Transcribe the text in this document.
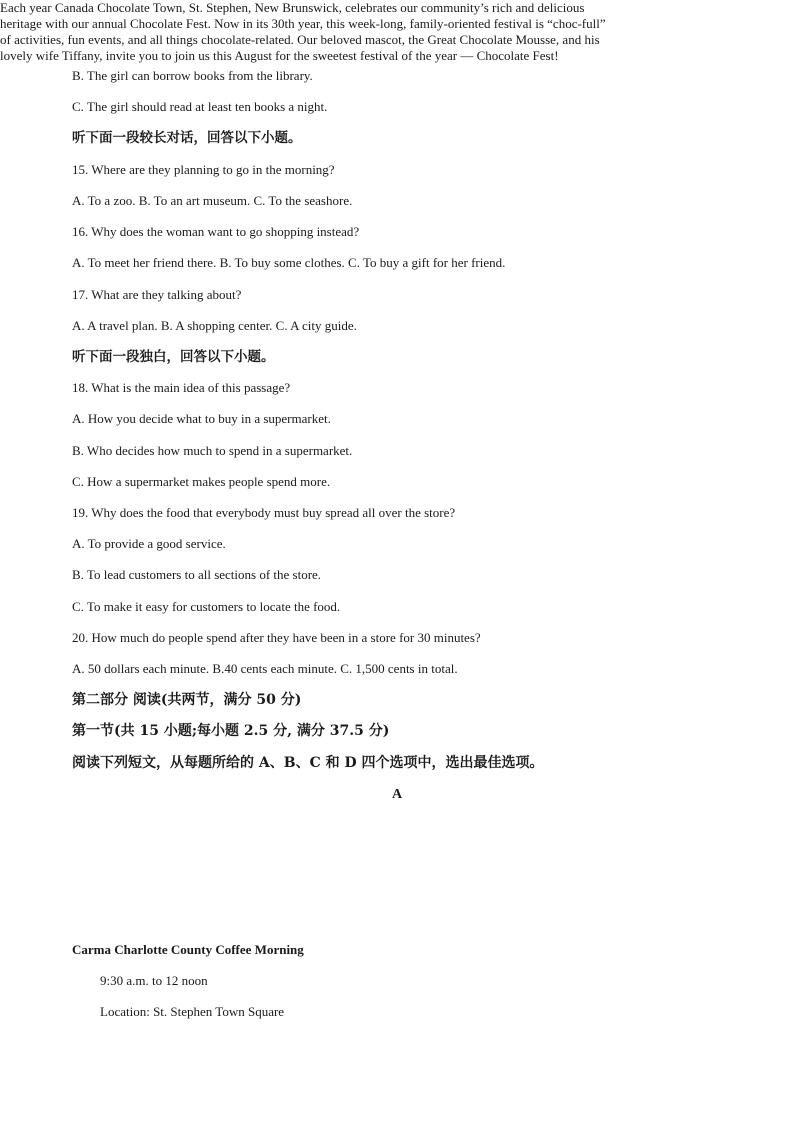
B. The girl can borrow books from the library.
C. The girl should read at least ten books a night.
听下面一段较长对话，回答以下小题。
15. Where are they planning to go in the morning?
A. To a zoo. B. To an art museum. C. To the seashore.
16. Why does the woman want to go shopping instead?
A. To meet her friend there. B. To buy some clothes. C. To buy a gift for her friend.
17. What are they talking about?
A. A travel plan. B. A shopping center. C. A city guide.
听下面一段独白，回答以下小题。
18. What is the main idea of this passage?
A. How you decide what to buy in a supermarket.
B. Who decides how much to spend in a supermarket.
C. How a supermarket makes people spend more.
19. Why does the food that everybody must buy spread all over the store?
A. To provide a good service.
B. To lead customers to all sections of the store.
C. To make it easy for customers to locate the food.
20. How much do people spend after they have been in a store for 30 minutes?
A. 50 dollars each minute. B.40 cents each minute. C. 1,500 cents in total.
第二部分 阅读(共两节，满分 50 分)
第一节(共 15 小题;每小题 2.5 分, 满分 37.5 分)
阅读下列短文，从每题所给的 A、B、C 和 D 四个选项中，选出最佳选项。
A
Each year Canada Chocolate Town, St. Stephen, New Brunswick, celebrates our community’s rich and delicious
heritage with our annual Chocolate Fest. Now in its 30th year, this week-long, family-oriented festival is “choc-full”
of activities, fun events, and all things chocolate-related. Our beloved mascot, the Great Chocolate Mousse, and his
lovely wife Tiffany, invite you to join us this August for the sweetest festival of the year — Chocolate Fest!
Carma Charlotte County Coffee Morning
9:30 a.m. to 12 noon
Location: St. Stephen Town Square
